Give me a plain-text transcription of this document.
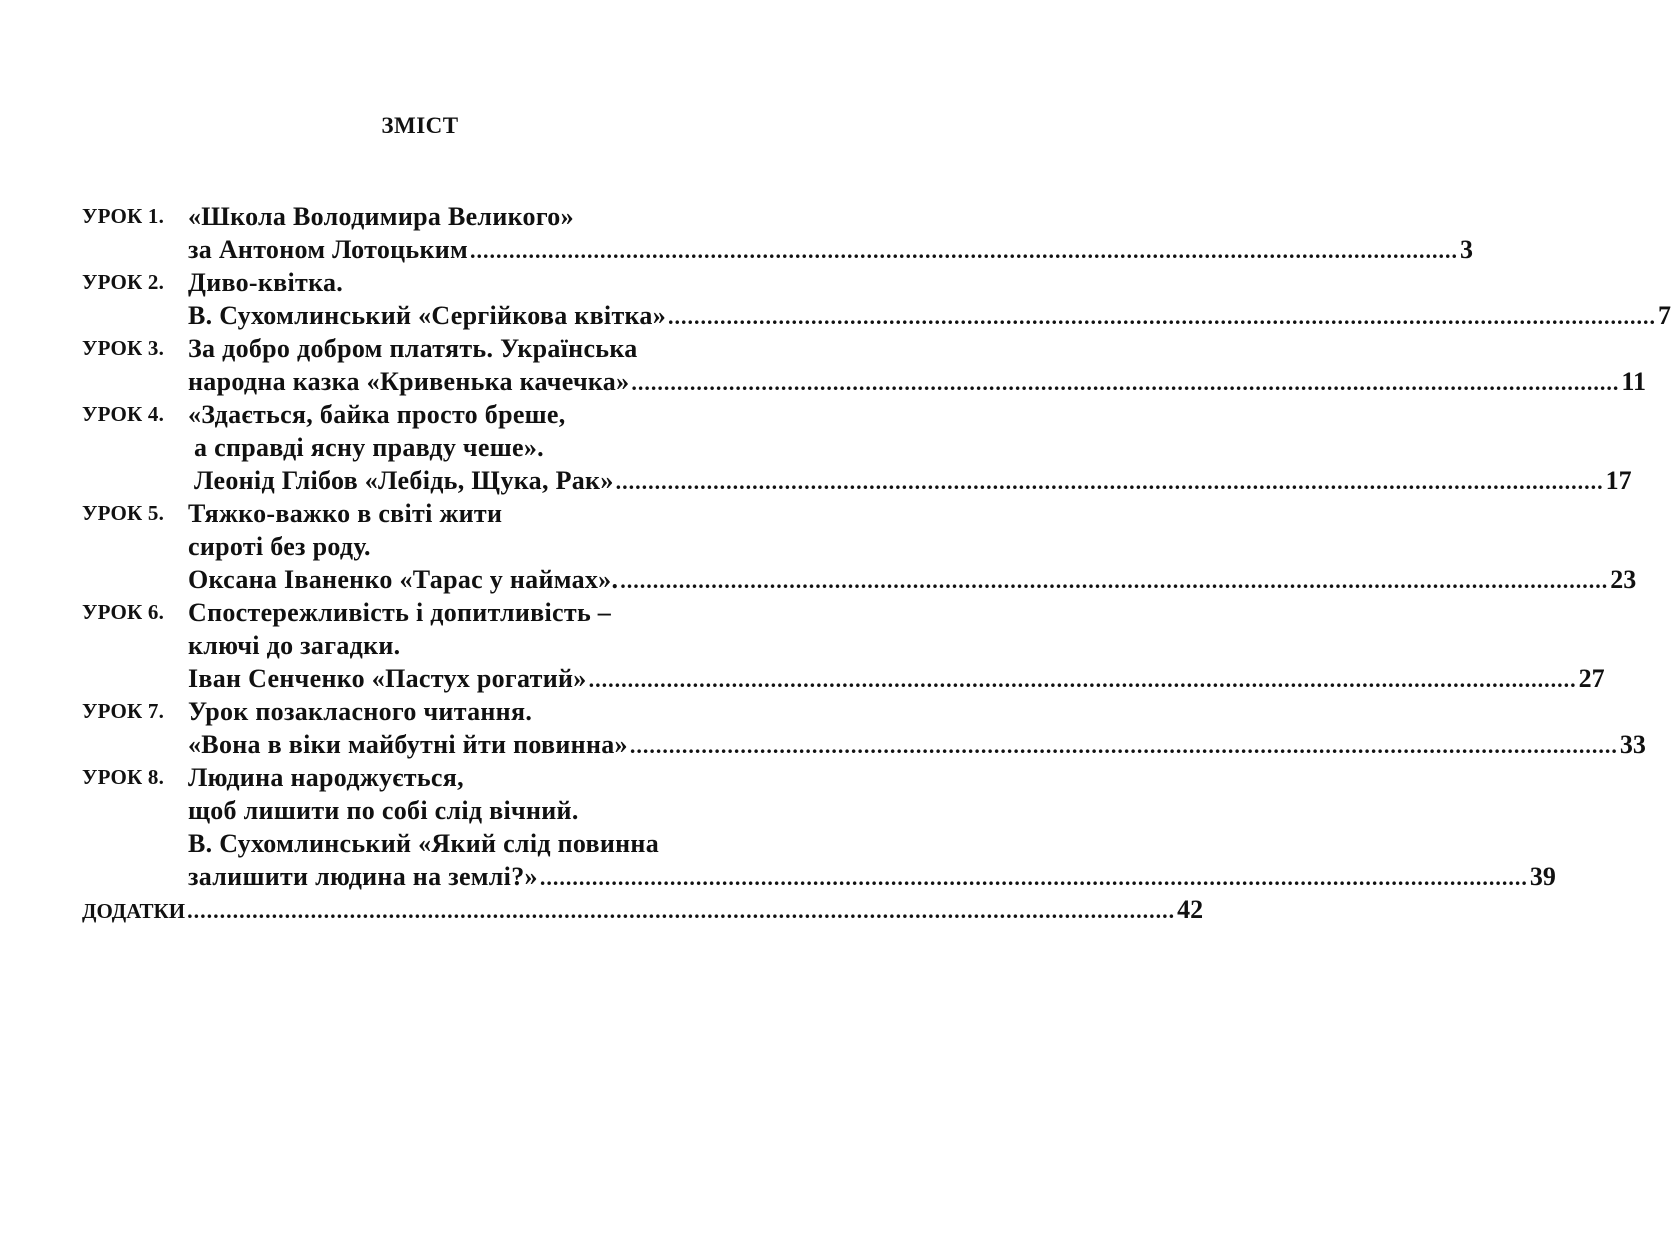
ЗМІСТ
УРОК 1. «Школа Володимира Великого»
за Антоном Лотоцьким .....	3
УРОК 2. Диво-квітка.
В. Сухомлинський «Сергійкова квітка» .....	7
УРОК 3. За добро добром платять. Українська
народна казка «Кривенька качечка» .....	11
УРОК 4. «Здається, байка просто бреше,
а справді ясну правду чеше».
Леонід Глібов «Лебідь, Щука, Рак» .....	17
УРОК 5. Тяжко-важко в світі жити
сироті без роду.
Оксана Іваненко «Тарас у наймах». .....	23
УРОК 6. Спостережливість і допитливість –
ключі до загадки.
Іван Сенченко «Пастух рогатий» .....	27
УРОК 7. Урок позакласного читання.
«Вона в віки майбутні йти повинна» .....	33
УРОК 8. Людина народжується,
щоб лишити по собі слід вічний.
В. Сухомлинський «Який слід повинна
залишити людина на землі?» .....	39
ДОДАТКИ ........................................................................................................................................................ 42
